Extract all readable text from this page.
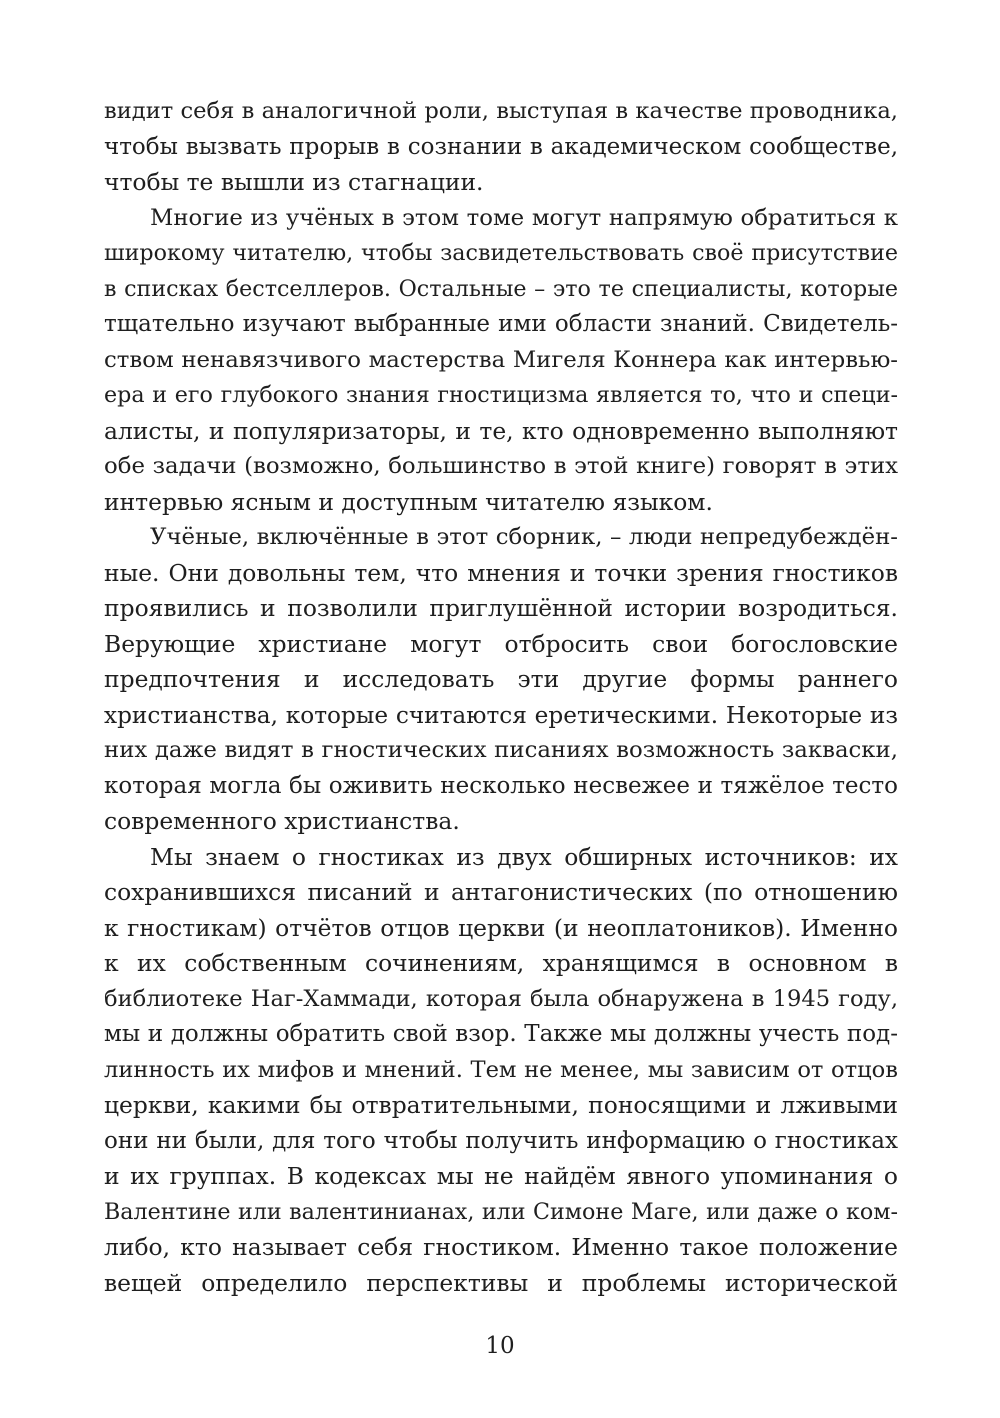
видит себя в аналогичной роли, выступая в качестве проводника,
чтобы вызвать прорыв в сознании в академическом сообществе,
чтобы те вышли из стагнации.
Многие из учёных в этом томе могут напрямую обратиться к
широкому читателю, чтобы засвидетельствовать своё присутствие
в списках бестселлеров. Остальные – это те специалисты, которые
тщательно изучают выбранные ими области знаний. Свидетель-
ством ненавязчивого мастерства Мигеля Коннера как интервью-
ера и его глубокого знания гностицизма является то, что и специ-
алисты, и популяризаторы, и те, кто одновременно выполняют
обе задачи (возможно, большинство в этой книге) говорят в этих
интервью ясным и доступным читателю языком.
Учёные, включённые в этот сборник, – люди непредубеждён-
ные. Они довольны тем, что мнения и точки зрения гностиков
проявились и позволили приглушённой истории возродиться.
Верующие христиане могут отбросить свои богословские
предпочтения и исследовать эти другие формы раннего
христианства, которые считаются еретическими. Некоторые из
них даже видят в гностических писаниях возможность закваски,
которая могла бы оживить несколько несвежее и тяжёлое тесто
современного христианства.
Мы знаем о гностиках из двух обширных источников: их
сохранившихся писаний и антагонистических (по отношению
к гностикам) отчётов отцов церкви (и неоплатоников). Именно
к их собственным сочинениям, хранящимся в основном в
библиотеке Наг-Хаммади, которая была обнаружена в 1945 году,
мы и должны обратить свой взор. Также мы должны учесть под-
линность их мифов и мнений. Тем не менее, мы зависим от отцов
церкви, какими бы отвратительными, поносящими и лживыми
они ни были, для того чтобы получить информацию о гностиках
и их группах. В кодексах мы не найдём явного упоминания о
Валентине или валентинианах, или Симоне Маге, или даже о ком-
либо, кто называет себя гностиком. Именно такое положение
вещей определило перспективы и проблемы исторической
10
